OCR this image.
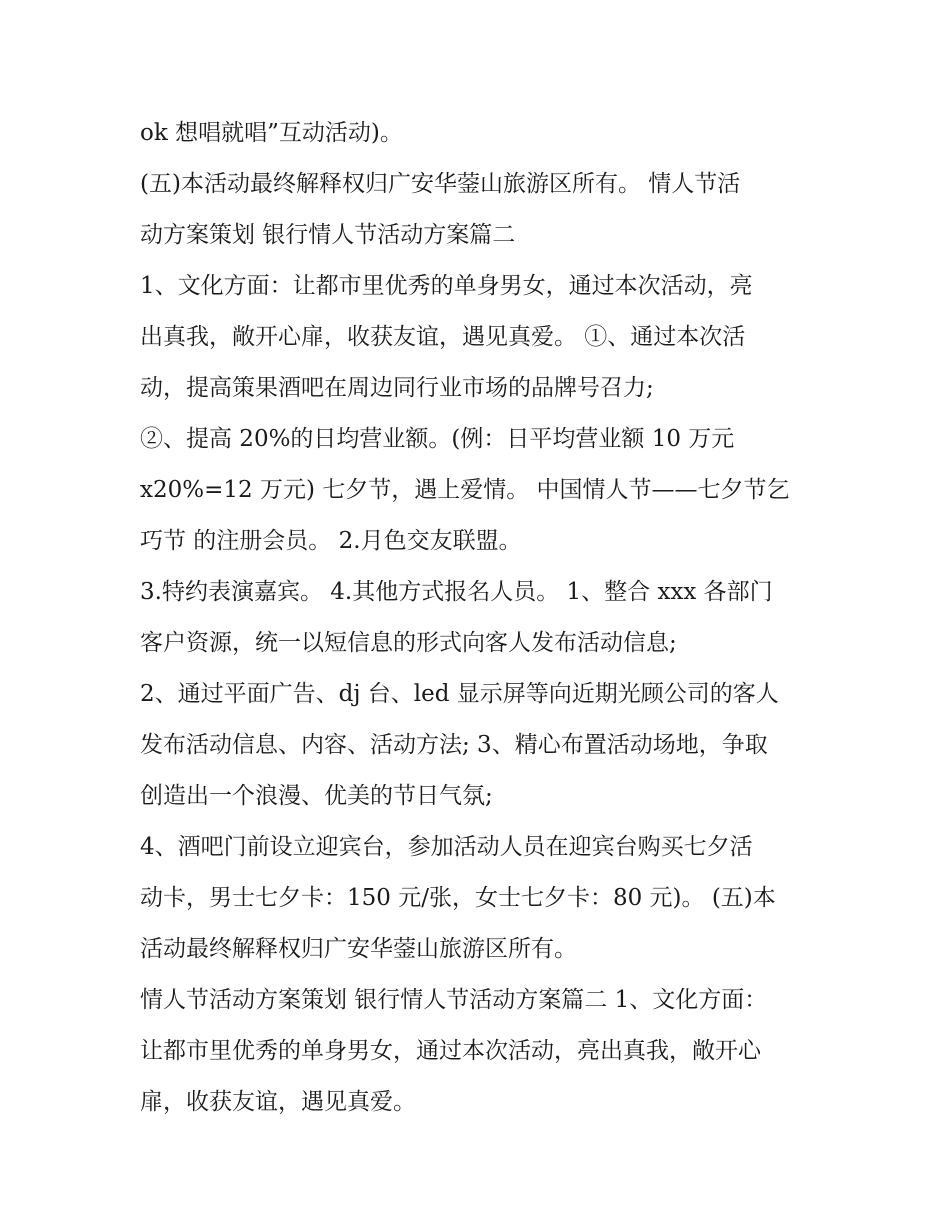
ok 想唱就唱”互动活动)。

(五)本活动最终解释权归广安华蓥山旅游区所有。 情人节活
动方案策划 银行情人节活动方案篇二

1、文化方面：让都市里优秀的单身男女，通过本次活动，亮
出真我，敞开心扉，收获友谊，遇见真爱。 ①、通过本次活
动，提高策果酒吧在周边同行业市场的品牌号召力;

②、提高 20%的日均营业额。(例：日平均营业额 10 万元
x20%=12 万元) 七夕节，遇上爱情。 中国情人节——七夕节乞
巧节 的注册会员。 2.月色交友联盟。

3.特约表演嘉宾。 4.其他方式报名人员。 1、整合 xxx 各部门
客户资源，统一以短信息的形式向客人发布活动信息;

2、通过平面广告、dj 台、led 显示屏等向近期光顾公司的客人
发布活动信息、内容、活动方法; 3、精心布置活动场地，争取
创造出一个浪漫、优美的节日气氛;

4、酒吧门前设立迎宾台，参加活动人员在迎宾台购买七夕活
动卡，男士七夕卡：150 元/张，女士七夕卡：80 元)。 (五)本
活动最终解释权归广安华蓥山旅游区所有。

情人节活动方案策划 银行情人节活动方案篇二 1、文化方面：
让都市里优秀的单身男女，通过本次活动，亮出真我，敞开心
扉，收获友谊，遇见真爱。
